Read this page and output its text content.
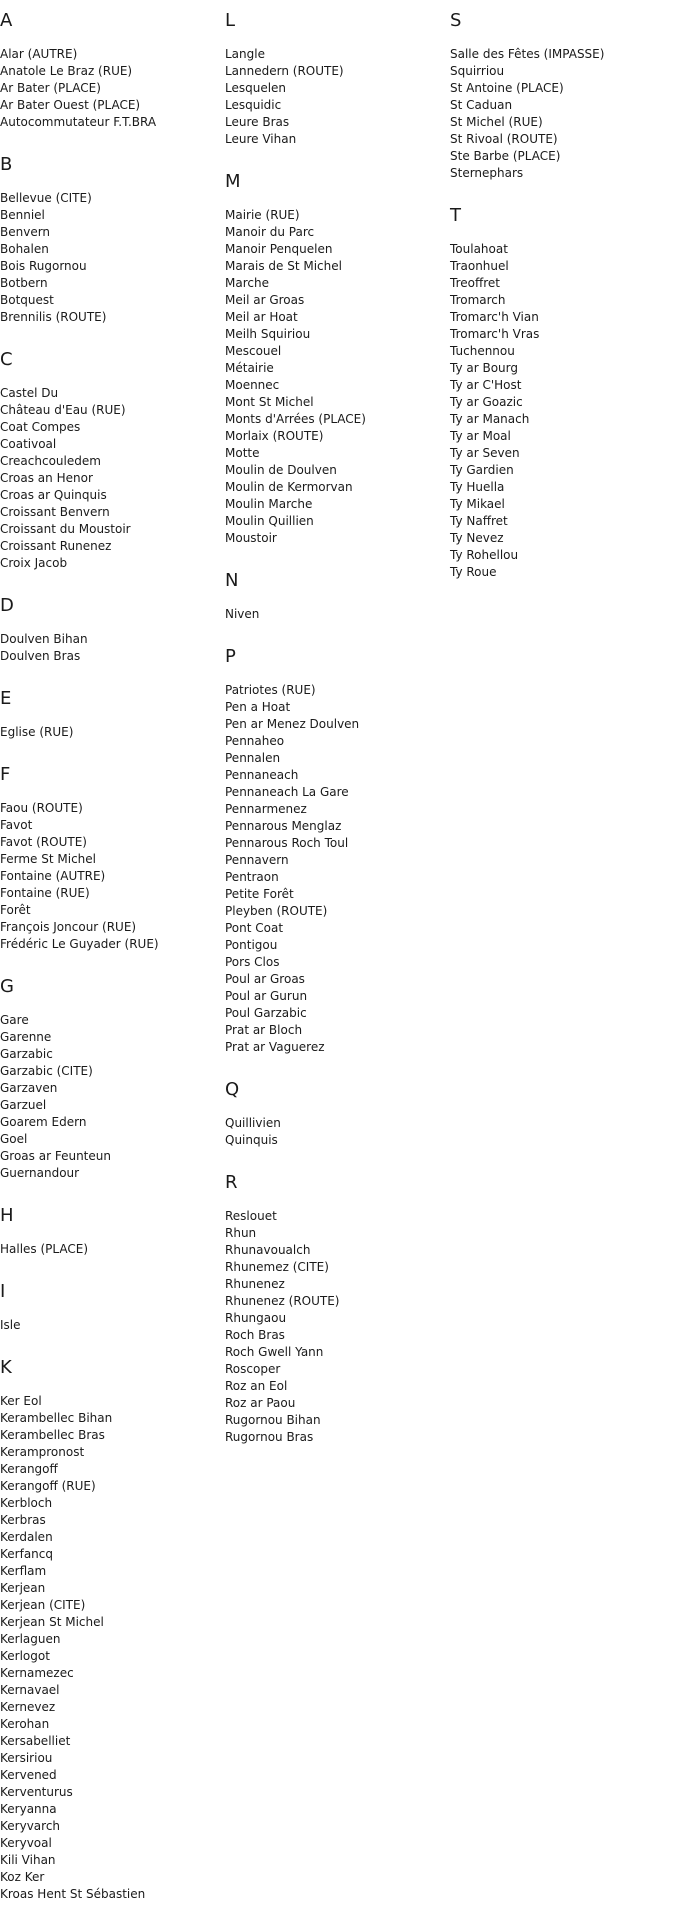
A
Alar (AUTRE)
Anatole Le Braz (RUE)
Ar Bater (PLACE)
Ar Bater Ouest (PLACE)
Autocommutateur F.T.BRA
B
Bellevue (CITE)
Benniel
Benvern
Bohalen
Bois Rugornou
Botbern
Botquest
Brennilis (ROUTE)
C
Castel Du
Château d'Eau (RUE)
Coat Compes
Coativoal
Creachcouledem
Croas an Henor
Croas ar Quinquis
Croissant Benvern
Croissant du Moustoir
Croissant Runenez
Croix Jacob
D
Doulven Bihan
Doulven Bras
E
Eglise (RUE)
F
Faou (ROUTE)
Favot
Favot (ROUTE)
Ferme St Michel
Fontaine (AUTRE)
Fontaine (RUE)
Forêt
François Joncour (RUE)
Frédéric Le Guyader (RUE)
G
Gare
Garenne
Garzabic
Garzabic (CITE)
Garzaven
Garzuel
Goarem Edern
Goel
Groas ar Feunteun
Guernandour
H
Halles (PLACE)
I
Isle
K
Ker Eol
Kerambellec Bihan
Kerambellec Bras
Kerampronost
Kerangoff
Kerangoff (RUE)
Kerbloch
Kerbras
Kerdalen
Kerfancq
Kerflam
Kerjean
Kerjean (CITE)
Kerjean St Michel
Kerlaguen
Kerlogot
Kernamezec
Kernavael
Kernevez
Kerohan
Kersabelliet
Kersiriou
Kervened
Kerventurus
Keryanna
Keryvarch
Keryvoal
Kili Vihan
Koz Ker
Kroas Hent St Sébastien
L
Langle
Lannedern (ROUTE)
Lesquelen
Lesquidic
Leure Bras
Leure Vihan
M
Mairie (RUE)
Manoir du Parc
Manoir Penquelen
Marais de St Michel
Marche
Meil ar Groas
Meil ar Hoat
Meilh Squiriou
Mescouel
Métairie
Moennec
Mont St Michel
Monts d'Arrées (PLACE)
Morlaix (ROUTE)
Motte
Moulin de Doulven
Moulin de Kermorvan
Moulin Marche
Moulin Quillien
Moustoir
N
Niven
P
Patriotes (RUE)
Pen a Hoat
Pen ar Menez Doulven
Pennaheo
Pennalen
Pennaneach
Pennaneach La Gare
Pennarmenez
Pennarous Menglaz
Pennarous Roch Toul
Pennavern
Pentraon
Petite Forêt
Pleyben (ROUTE)
Pont Coat
Pontigou
Pors Clos
Poul ar Groas
Poul ar Gurun
Poul Garzabic
Prat ar Bloch
Prat ar Vaguerez
Q
Quillivien
Quinquis
R
Reslouet
Rhun
Rhunavoualch
Rhunemez (CITE)
Rhunenez
Rhunenez (ROUTE)
Rhungaou
Roch Bras
Roch Gwell Yann
Roscoper
Roz an Eol
Roz ar Paou
Rugornou Bihan
Rugornou Bras
S
Salle des Fêtes (IMPASSE)
Squirriou
St Antoine (PLACE)
St Caduan
St Michel (RUE)
St Rivoal (ROUTE)
Ste Barbe (PLACE)
Sternephars
T
Toulahoat
Traonhuel
Treoffret
Tromarch
Tromarc'h Vian
Tromarc'h Vras
Tuchennou
Ty ar Bourg
Ty ar C'Host
Ty ar Goazic
Ty ar Manach
Ty ar Moal
Ty ar Seven
Ty Gardien
Ty Huella
Ty Mikael
Ty Naffret
Ty Nevez
Ty Rohellou
Ty Roue
